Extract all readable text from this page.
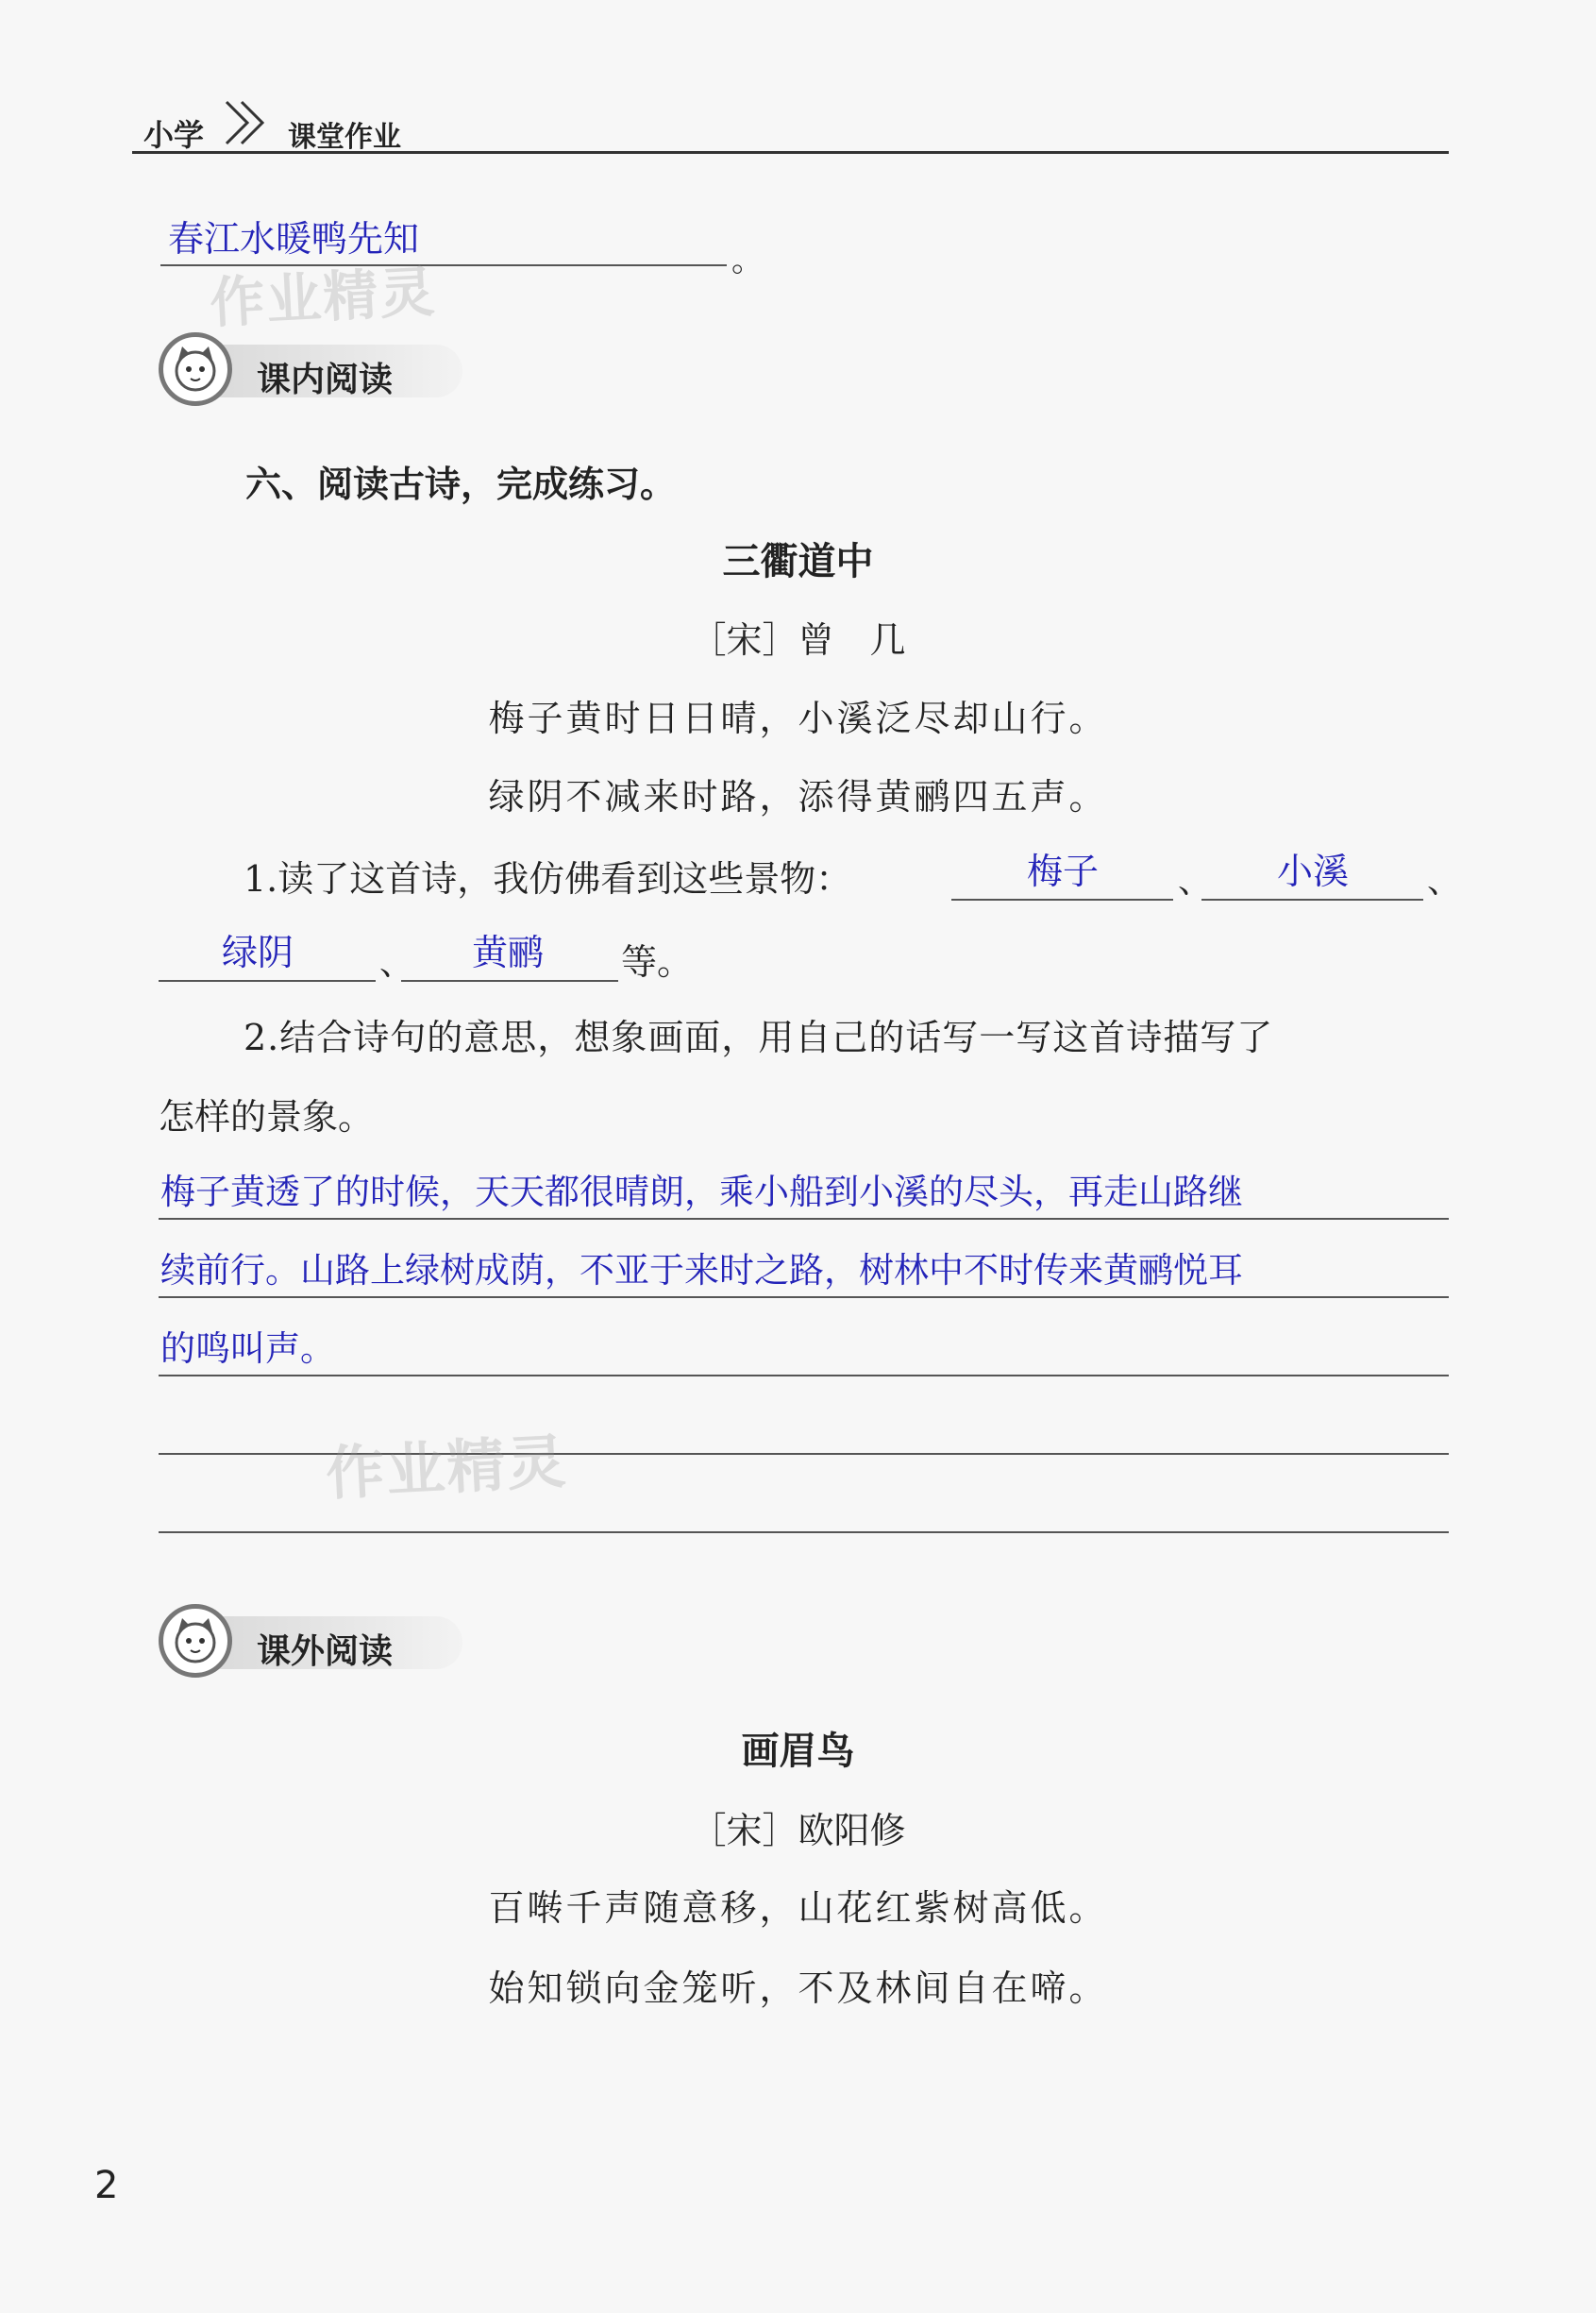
小学	课堂作业
春江水暖鸭先知
。
作业精灵
课内阅读
六、阅读古诗，完成练习。
三衢道中
［宋］曾　几
梅子黄时日日晴，小溪泛尽却山行。
绿阴不减来时路，添得黄鹂四五声。
1.读了这首诗，我仿佛看到这些景物：	梅子 、 小溪 、
绿阴	、 黄鹂 等。
2.结合诗句的意思，想象画面，用自己的话写一写这首诗描写了
怎样的景象。
梅子黄透了的时候，天天都很晴朗，乘小船到小溪的尽头，再走山路继
续前行。山路上绿树成荫，不亚于来时之路，树林中不时传来黄鹂悦耳
的鸣叫声。
作业精灵
课外阅读
画眉鸟
［宋］欧阳修
百啭千声随意移，山花红紫树高低。
始知锁向金笼听，不及林间自在啼。
2
